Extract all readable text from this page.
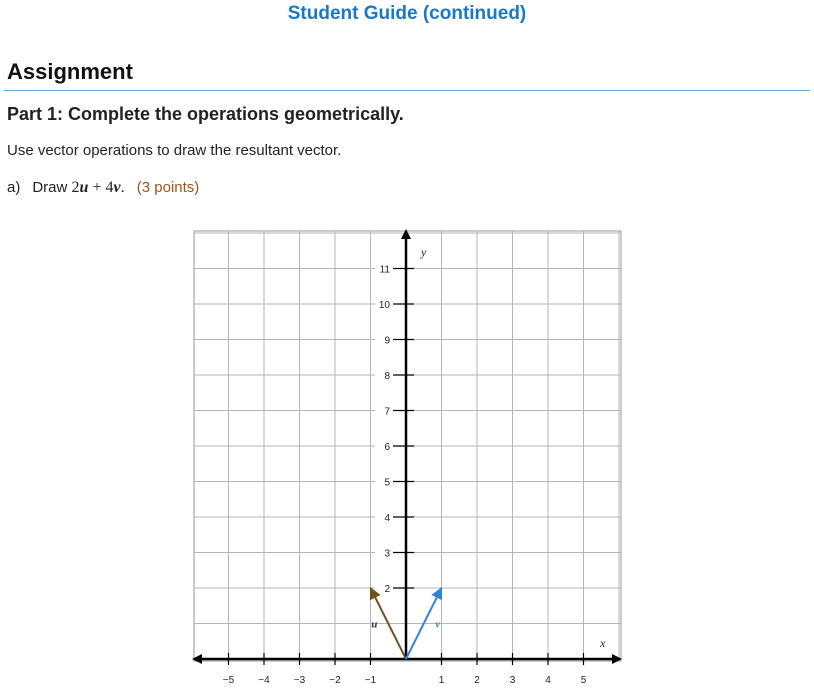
Student Guide (continued)
Assignment
Part 1: Complete the operations geometrically.
Use vector operations to draw the resultant vector.
a) Draw 2u + 4v. (3 points)
x
y
−5 −4 −3 −2 −1	1	2	3	4	5
2
3
4
5
6
7
8
9
10
11
u	v
